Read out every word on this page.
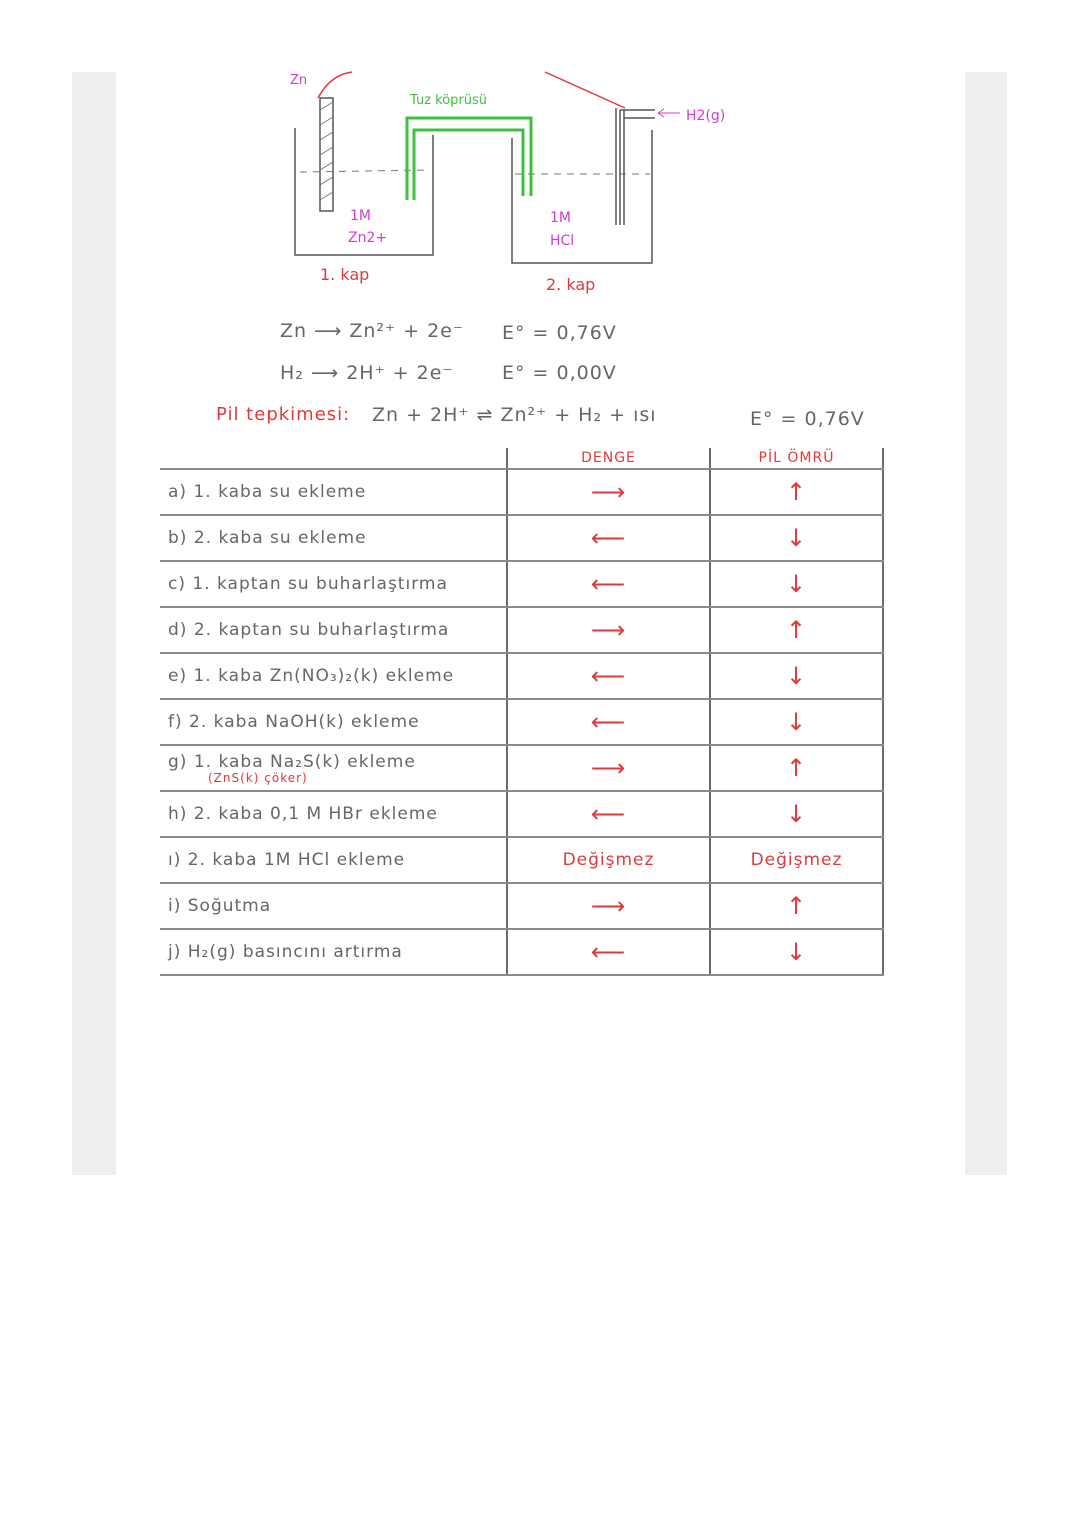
Zn
Tuz köprüsü
H2(g)
1M
Zn2+
1M
HCl
1. kap
2. kap
Zn ⟶ Zn²⁺ + 2e⁻ E° = 0,76V
H₂ ⟶ 2H⁺ + 2e⁻	E° = 0,00V
Pil tepkimesi: Zn + 2H⁺ ⇌ Zn²⁺ + H₂ + ısı	E° = 0,76V
	DENGE	PİL ÖMRÜ
a) 1. kaba su ekleme	⟶	↑
b) 2. kaba su ekleme	⟵	↓
c) 1. kaptan su buharlaştırma	⟵	↓
d) 2. kaptan su buharlaştırma	⟶	↑
e) 1. kaba Zn(NO₃)₂(k) ekleme	⟵	↓
f) 2. kaba NaOH(k) ekleme	⟵	↓
g) 1. kaba Na₂S(k) ekleme
(ZnS(k) çöker)	⟶	↑
h) 2. kaba 0,1 M HBr ekleme	⟵	↓
ı) 2. kaba 1M HCl ekleme	Değişmez	Değişmez
i) Soğutma	⟶	↑
j) H₂(g) basıncını artırma	⟵	↓
